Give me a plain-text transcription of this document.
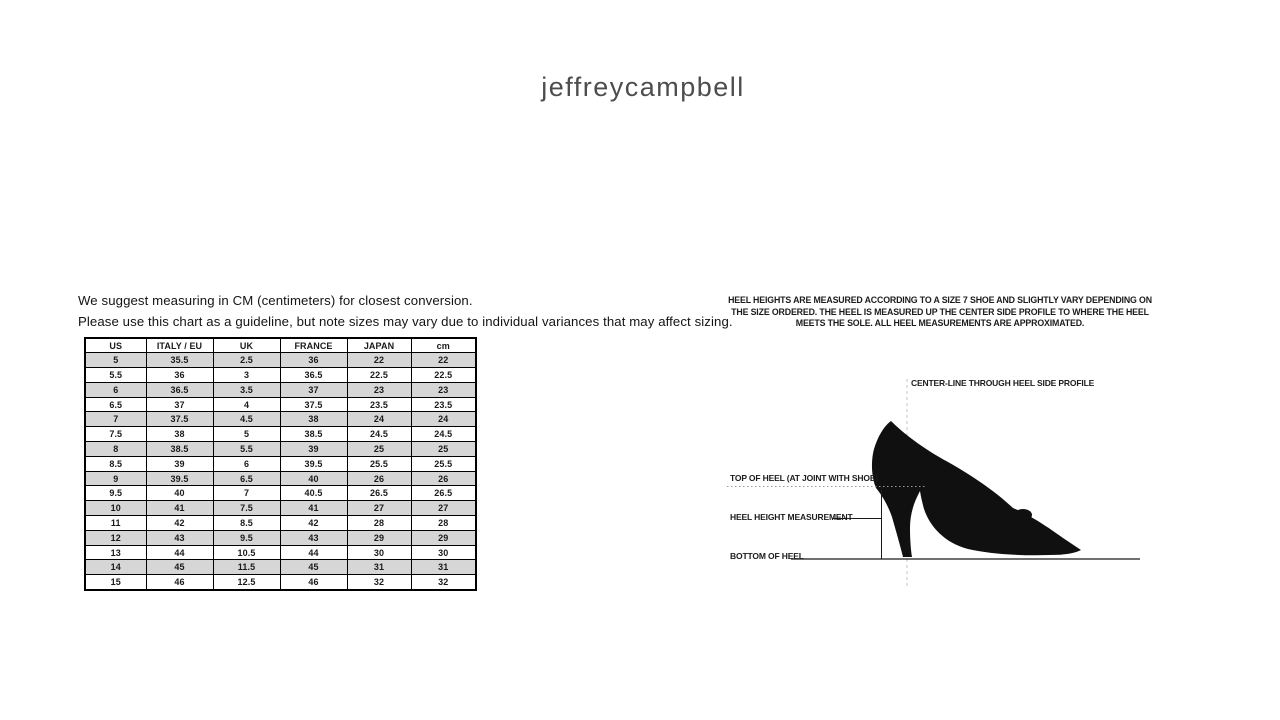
jeffreycampbell
We suggest measuring in CM (centimeters) for closest conversion.
Please use this chart as a guideline, but note sizes may vary due to individual variances that may affect sizing.
US	ITALY / EU	UK	FRANCE	JAPAN	cm
5	35.5	2.5	36	22	22
5.5	36	3	36.5	22.5	22.5
6	36.5	3.5	37	23	23
6.5	37	4	37.5	23.5	23.5
7	37.5	4.5	38	24	24
7.5	38	5	38.5	24.5	24.5
8	38.5	5.5	39	25	25
8.5	39	6	39.5	25.5	25.5
9	39.5	6.5	40	26	26
9.5	40	7	40.5	26.5	26.5
10	41	7.5	41	27	27
11	42	8.5	42	28	28
12	43	9.5	43	29	29
13	44	10.5	44	30	30
14	45	11.5	45	31	31
15	46	12.5	46	32	32
HEEL HEIGHTS ARE MEASURED ACCORDING TO A SIZE 7 SHOE AND SLIGHTLY VARY DEPENDING ON THE SIZE ORDERED. THE HEEL IS MEASURED UP THE CENTER SIDE PROFILE TO WHERE THE HEEL MEETS THE SOLE. ALL HEEL MEASUREMENTS ARE APPROXIMATED.
CENTER-LINE THROUGH HEEL SIDE PROFILE
TOP OF HEEL (AT JOINT WITH SHOE)
HEEL HEIGHT MEASUREMENT
BOTTOM OF HEEL
